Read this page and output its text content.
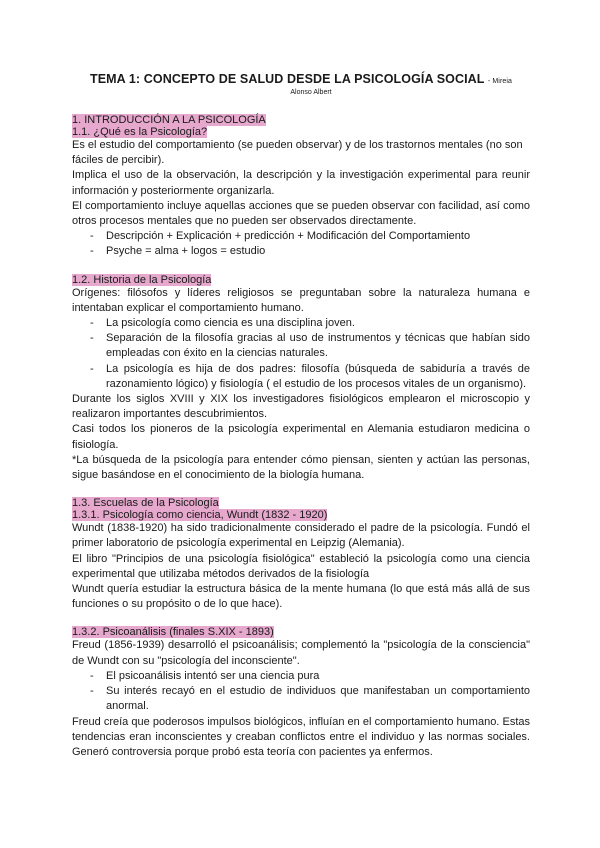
TEMA 1: CONCEPTO DE SALUD DESDE LA PSICOLOGÍA SOCIAL - Mireia
Alonso Albert
1. INTRODUCCIÓN A LA PSICOLOGÍA
1.1. ¿Qué es la Psicología?

Es el estudio del comportamiento (se pueden observar) y de los trastornos mentales (no son fáciles de percibir).

Implica el uso de la observación, la descripción y la investigación experimental para reunir información y posteriormente organizarla.

El comportamiento incluye aquellas acciones que se pueden observar con facilidad, así como otros procesos mentales que no pueden ser observados directamente.

- Descripción + Explicación + predicción + Modificación del Comportamiento
- Psyche = alma + logos = estudio
1.2. Historia de la Psicología

Orígenes: filósofos y líderes religiosos se preguntaban sobre la naturaleza humana e intentaban explicar el comportamiento humano.

- La psicología como ciencia es una disciplina joven.
- Separación de la filosofía gracias al uso de instrumentos y técnicas que habían sido empleadas con éxito en la ciencias naturales.
- La psicología es hija de dos padres: filosofía (búsqueda de sabiduría a través de razonamiento lógico) y fisiología ( el estudio de los procesos vitales de un organismo).

Durante los siglos XVIII y XIX los investigadores fisiológicos emplearon el microscopio y realizaron importantes descubrimientos.

Casi todos los pioneros de la psicología experimental en Alemania estudiaron medicina o fisiología.

*La búsqueda de la psicología para entender cómo piensan, sienten y actúan las personas, sigue basándose en el conocimiento de la biología humana.

1.3. Escuelas de la Psicología
1.3.1. Psicología como ciencia, Wundt (1832 - 1920)

Wundt (1838-1920) ha sido tradicionalmente considerado el padre de la psicología. Fundó el primer laboratorio de psicología experimental en Leipzig (Alemania).

El libro "Principios de una psicología fisiológica" estableció la psicología como una ciencia experimental que utilizaba métodos derivados de la fisiología

Wundt quería estudiar la estructura básica de la mente humana (lo que está más allá de sus funciones o su propósito o de lo que hace).

1.3.2. Psicoanálisis (finales S.XIX - 1893)

Freud (1856-1939) desarrolló el psicoanálisis; complementó la "psicología de la consciencia" de Wundt con su "psicología del inconsciente".

- El psicoanálisis intentó ser una ciencia pura
- Su interés recayó en el estudio de individuos que manifestaban un comportamiento anormal.

Freud creía que poderosos impulsos biológicos, influían en el comportamiento humano. Estas tendencias eran inconscientes y creaban conflictos entre el individuo y las normas sociales. Generó controversia porque probó esta teoría con pacientes ya enfermos.
